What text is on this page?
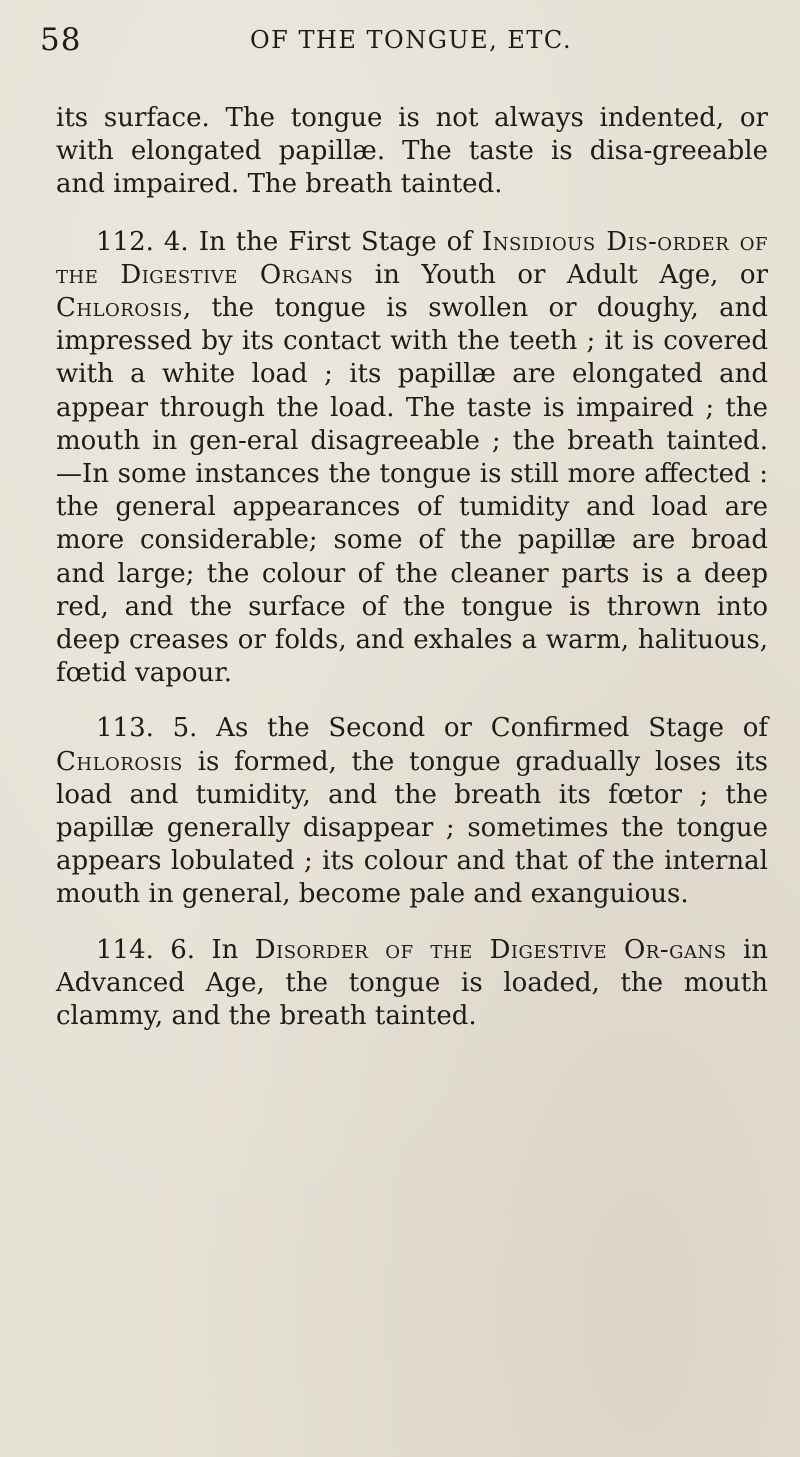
58	OF THE TONGUE, ETC.

its surface. The tongue is not always indented, or with elongated papillæ. The taste is disa-greeable and impaired. The breath tainted.

112. 4. In the First Stage of Insidious Dis-order of the Digestive Organs in Youth or Adult Age, or Chlorosis, the tongue is swollen or doughy, and impressed by its contact with the teeth ; it is covered with a white load ; its papillæ are elongated and appear through the load. The taste is impaired ; the mouth in gen-eral disagreeable ; the breath tainted.—In some instances the tongue is still more affected : the general appearances of tumidity and load are more considerable; some of the papillæ are broad and large; the colour of the cleaner parts is a deep red, and the surface of the tongue is thrown into deep creases or folds, and exhales a warm, halituous, fœtid vapour.

113. 5. As the Second or Confirmed Stage of Chlorosis is formed, the tongue gradually loses its load and tumidity, and the breath its fœtor ; the papillæ generally disappear ; sometimes the tongue appears lobulated ; its colour and that of the internal mouth in general, become pale and exanguious.

114. 6. In Disorder of the Digestive Or-gans in Advanced Age, the tongue is loaded, the mouth clammy, and the breath tainted.
